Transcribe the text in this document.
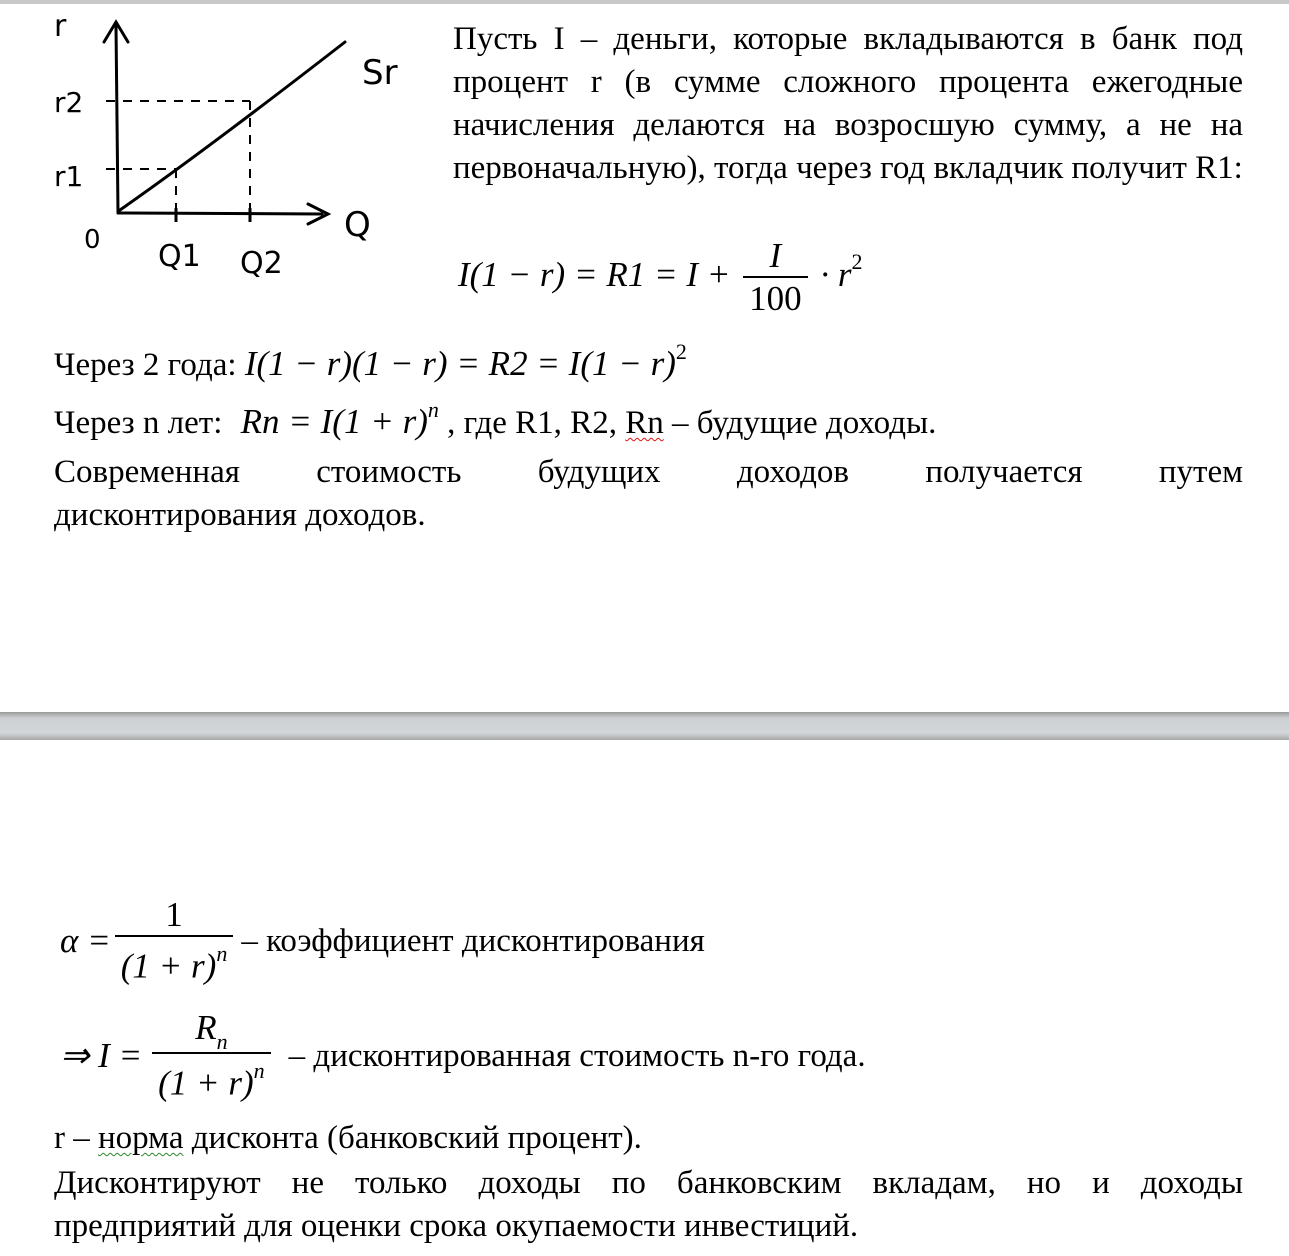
r
Q
0
Sr
r2
r1
Q1 Q2
Пусть I – деньги, которые вкладываются в банк под процент r (в сумме сложного процента ежегодные начисления делаются на возросшую сумму, а не на первоначальную), тогда через год вкладчик получит R1:
$I(1 - r) = R1 = I + \frac{I}{100} \cdot r^2$
Через 2 года: $I(1 - r)(1 - r) = R2 = I(1 - r)^2$
Через n лет: $Rn = I(1 + r)^n$ , где R1, R2, Rn – будущие доходы.
Современная стоимость будущих доходов получается путем
дисконтирования доходов.
$\alpha = \frac{1}{(1 + r)^n}$ – коэффициент дисконтирования
⇒ $I = \frac{R_n}{(1 + r)^n}$ – дисконтированная стоимость n-го года.
r – норма дисконта (банковский процент).
Дисконтируют не только доходы по банковским вкладам, но и доходы
предприятий для оценки срока окупаемости инвестиций.
